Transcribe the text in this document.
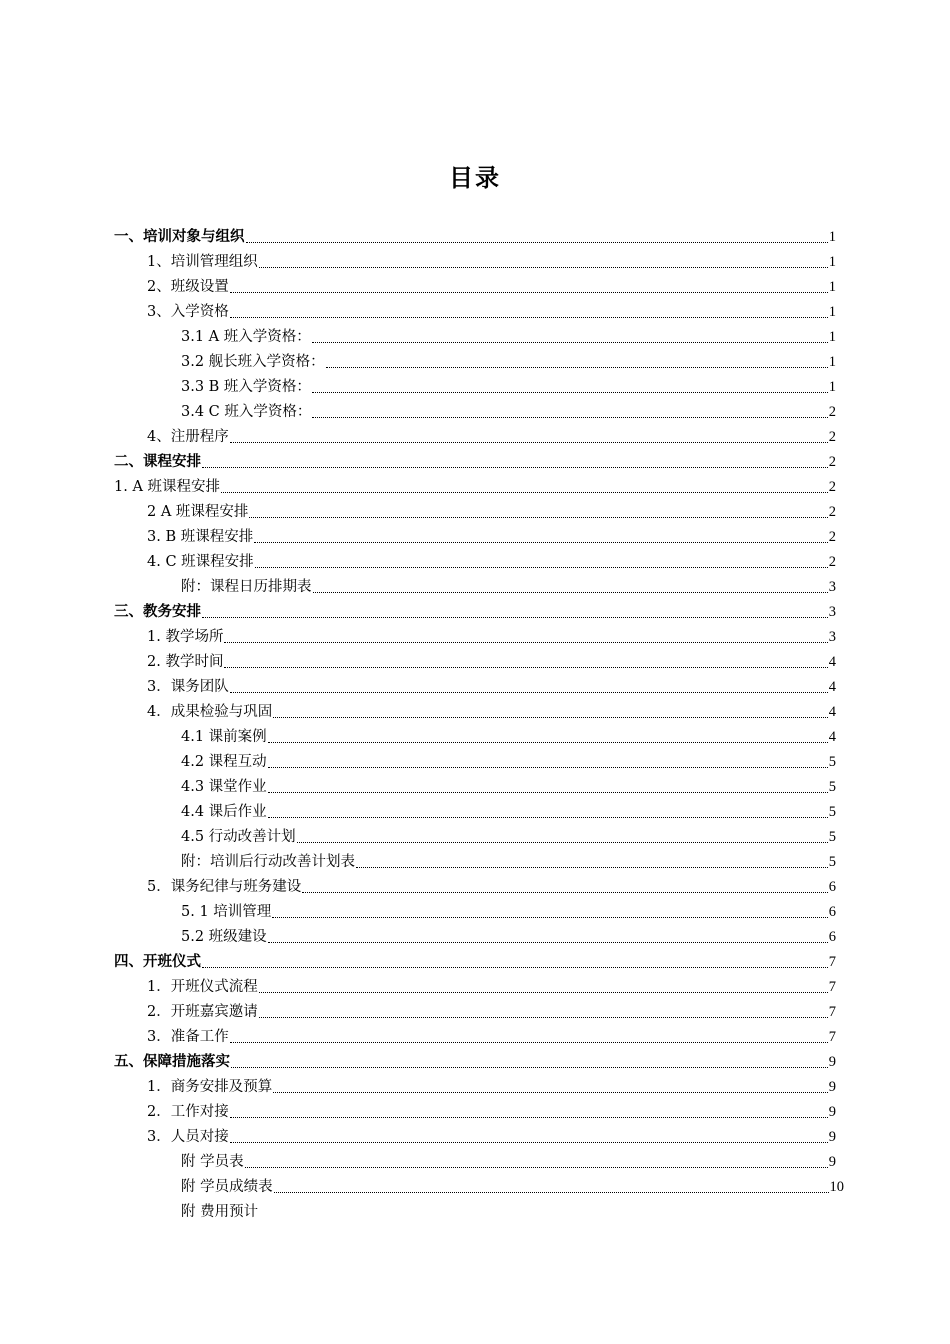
目录
一、培训对象与组织	1
1、培训管理组织	1
2、班级设置	1
3、入学资格	1
3.1 A 班入学资格：	1
3.2 舰长班入学资格：	1
3.3 B 班入学资格：	1
3.4 C 班入学资格：	2
4、注册程序	2
二、课程安排	2
1. A 班课程安排	2
2 A 班课程安排	2
3. B 班课程安排	2
4. C 班课程安排	2
附：课程日历排期表	3
三、教务安排	3
1. 教学场所	3
2. 教学时间	4
3．课务团队	4
4．成果检验与巩固	4
4.1 课前案例	4
4.2 课程互动	5
4.3 课堂作业	5
4.4 课后作业	5
4.5 行动改善计划	5
附：培训后行动改善计划表	5
5．课务纪律与班务建设	6
5. 1 培训管理	6
5.2 班级建设	6
四、开班仪式	7
1．开班仪式流程	7
2．开班嘉宾邀请	7
3．准备工作	7
五、保障措施落实	9
1．商务安排及预算	9
2．工作对接	9
3．人员对接	9
附 学员表	9
附 学员成绩表	10
附 费用预计
